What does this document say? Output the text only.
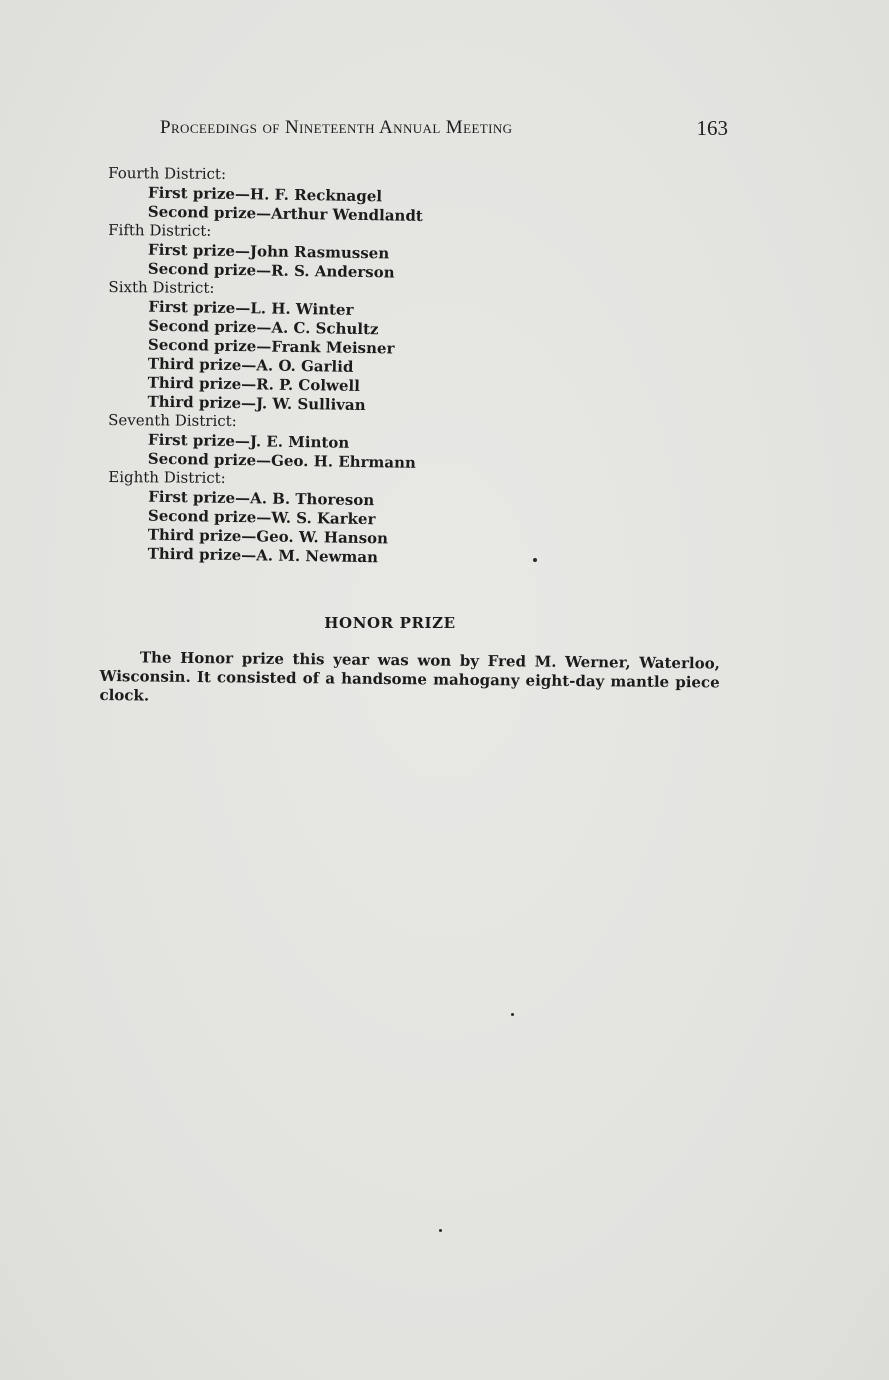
Proceedings of Nineteenth Annual Meeting	163
Fourth District:
First prize—H. F. Recknagel
Second prize—Arthur Wendlandt
Fifth District:
First prize—John Rasmussen
Second prize—R. S. Anderson
Sixth District:
First prize—L. H. Winter
Second prize—A. C. Schultz
Second prize—Frank Meisner
Third prize—A. O. Garlid
Third prize—R. P. Colwell
Third prize—J. W. Sullivan
Seventh District:
First prize—J. E. Minton
Second prize—Geo. H. Ehrmann
Eighth District:
First prize—A. B. Thoreson
Second prize—W. S. Karker
Third prize—Geo. W. Hanson
Third prize—A. M. Newman
HONOR PRIZE
The Honor prize this year was won by Fred M. Werner, Waterloo, Wisconsin. It consisted of a handsome mahogany eight-day mantle piece clock.
